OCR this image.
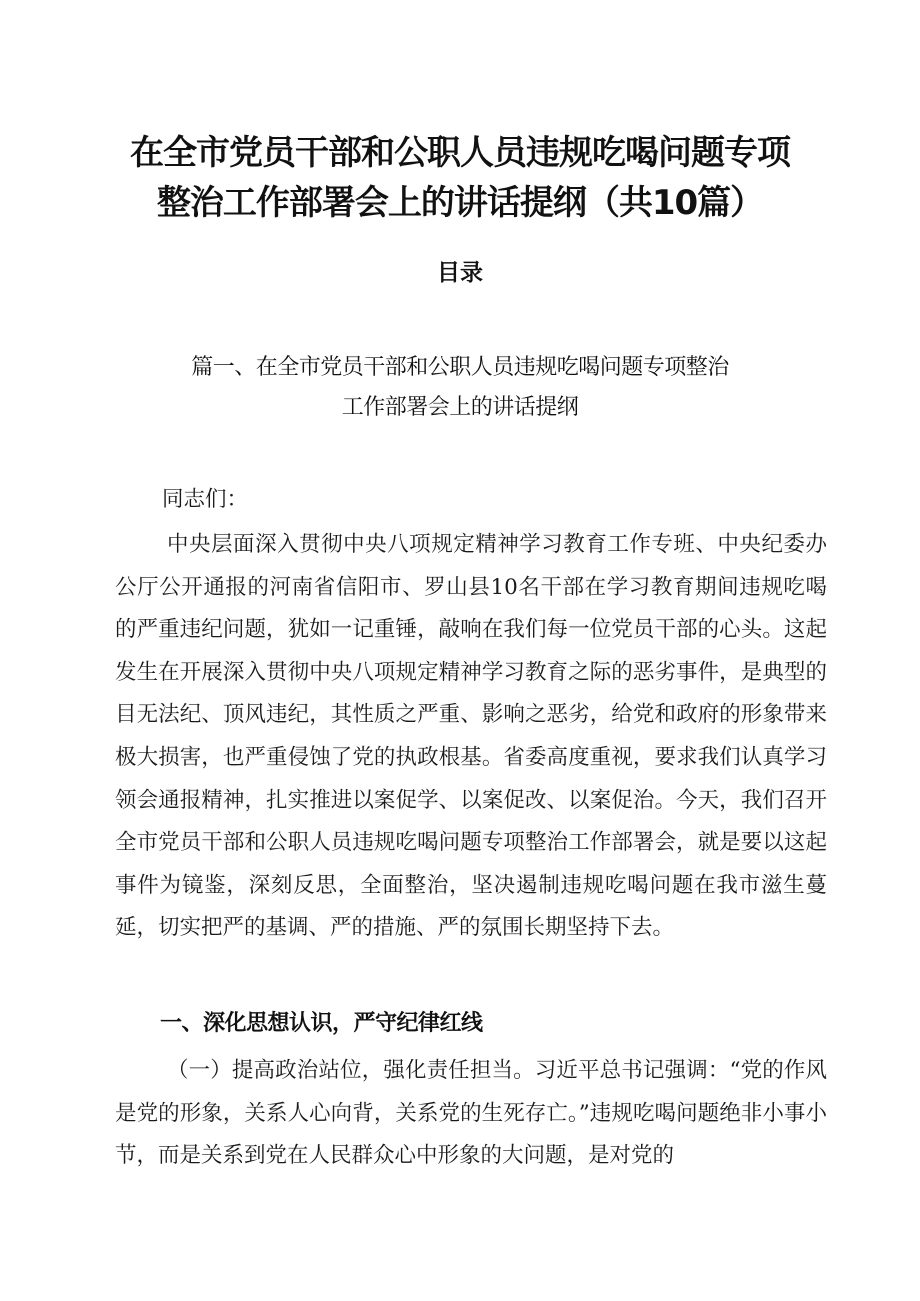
在全市党员干部和公职人员违规吃喝问题专项
整治工作部署会上的讲话提纲（共10篇）
目录

篇一、在全市党员干部和公职人员违规吃喝问题专项整治

工作部署会上的讲话提纲

同志们：

中央层面深入贯彻中央八项规定精神学习教育工作专班、中央纪委办公厅公开通报的河南省信阳市、罗山县10名干部在学习教育期间违规吃喝的严重违纪问题，犹如一记重锤，敲响在我们每一位党员干部的心头。这起发生在开展深入贯彻中央八项规定精神学习教育之际的恶劣事件，是典型的目无法纪、顶风违纪，其性质之严重、影响之恶劣，给党和政府的形象带来极大损害，也严重侵蚀了党的执政根基。省委高度重视，要求我们认真学习领会通报精神，扎实推进以案促学、以案促改、以案促治。今天，我们召开全市党员干部和公职人员违规吃喝问题专项整治工作部署会，就是要以这起事件为镜鉴，深刻反思，全面整治，坚决遏制违规吃喝问题在我市滋生蔓延，切实把严的基调、严的措施、严的氛围长期坚持下去。

一、深化思想认识，严守纪律红线

（一）提高政治站位，强化责任担当。习近平总书记强调：“党的作风是党的形象，关系人心向背，关系党的生死存亡。”违规吃喝问题绝非小事小节，而是关系到党在人民群众心中形象的大问题，是对党的
